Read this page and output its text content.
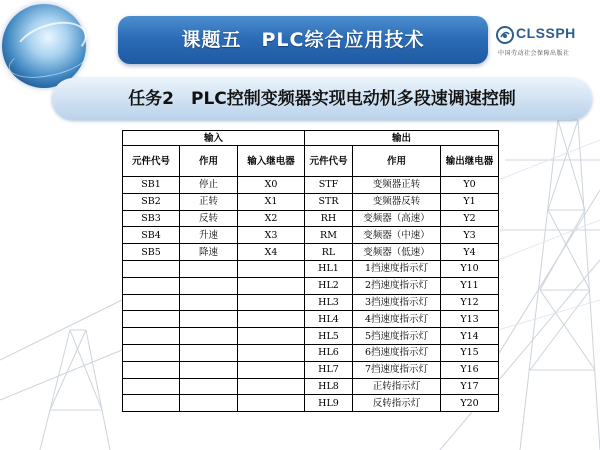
课题五　PLC综合应用技术	CLSSPH
中国劳动社会保障出版社
任务2　PLC控制变频器实现电动机多段速调速控制
输入			输出		
元件代号	作用	输入继电器	元件代号	作用	输出继电器
SB1	停止	X0	STF	变频器正转	Y0
SB2	正转	X1	STR	变频器反转	Y1
SB3	反转	X2	RH	变频器（高速）	Y2
SB4	升速	X3	RM	变频器（中速）	Y3
SB5	降速	X4	RL	变频器（低速）	Y4
			HL1	1挡速度指示灯	Y10
			HL2	2挡速度指示灯	Y11
			HL3	3挡速度指示灯	Y12
			HL4	4挡速度指示灯	Y13
			HL5	5挡速度指示灯	Y14
			HL6	6挡速度指示灯	Y15
			HL7	7挡速度指示灯	Y16
			HL8	正转指示灯	Y17
			HL9	反转指示灯	Y20
